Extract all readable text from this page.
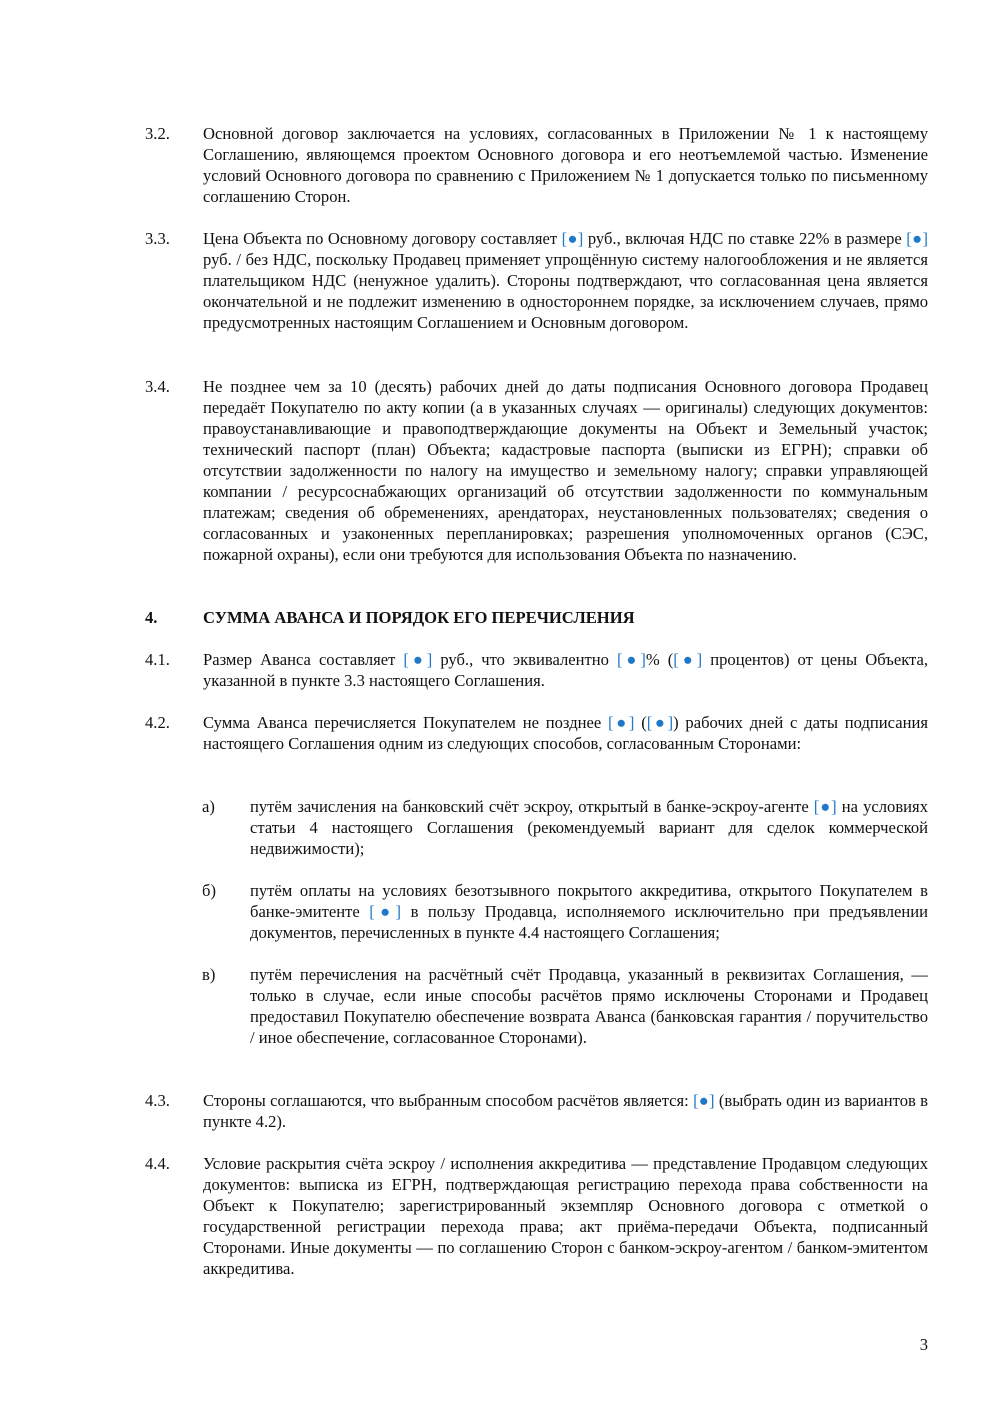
3.2.	Основной договор заключается на условиях, согласованных в Приложении № 1 к настоящему Соглашению, являющемся проектом Основного договора и его неотъемлемой частью. Изменение условий Основного договора по сравнению с Приложением № 1 допускается только по письменному соглашению Сторон.
3.3.	Цена Объекта по Основному договору составляет [●] руб., включая НДС по ставке 22% в размере [●] руб. / без НДС, поскольку Продавец применяет упрощённую систему налогообложения и не является плательщиком НДС (ненужное удалить). Стороны подтверждают, что согласованная цена является окончательной и не подлежит изменению в одностороннем порядке, за исключением случаев, прямо предусмотренных настоящим Соглашением и Основным договором.
3.4.	Не позднее чем за 10 (десять) рабочих дней до даты подписания Основного договора Продавец передаёт Покупателю по акту копии (а в указанных случаях — оригиналы) следующих документов: правоустанавливающие и правоподтверждающие документы на Объект и Земельный участок; технический паспорт (план) Объекта; кадастровые паспорта (выписки из ЕГРН); справки об отсутствии задолженности по налогу на имущество и земельному налогу; справки управляющей компании / ресурсоснабжающих организаций об отсутствии задолженности по коммунальным платежам; сведения об обременениях, арендаторах, неустановленных пользователях; сведения о согласованных и узаконенных перепланировках; разрешения уполномоченных органов (СЭС, пожарной охраны), если они требуются для использования Объекта по назначению.
4.	СУММА АВАНСА И ПОРЯДОК ЕГО ПЕРЕЧИСЛЕНИЯ
4.1.	Размер Аванса составляет [●] руб., что эквивалентно [●]% ([●] процентов) от цены Объекта, указанной в пункте 3.3 настоящего Соглашения.
4.2.	Сумма Аванса перечисляется Покупателем не позднее [●] ([●]) рабочих дней с даты подписания настоящего Соглашения одним из следующих способов, согласованным Сторонами:
а)	путём зачисления на банковский счёт эскроу, открытый в банке-эскроу-агенте [●] на условиях статьи 4 настоящего Соглашения (рекомендуемый вариант для сделок коммерческой недвижимости);
б)	путём оплаты на условиях безотзывного покрытого аккредитива, открытого Покупателем в банке-эмитенте [●] в пользу Продавца, исполняемого исключительно при предъявлении документов, перечисленных в пункте 4.4 настоящего Соглашения;
в)	путём перечисления на расчётный счёт Продавца, указанный в реквизитах Соглашения, — только в случае, если иные способы расчётов прямо исключены Сторонами и Продавец предоставил Покупателю обеспечение возврата Аванса (банковская гарантия / поручительство / иное обеспечение, согласованное Сторонами).
4.3.	Стороны соглашаются, что выбранным способом расчётов является: [●] (выбрать один из вариантов в пункте 4.2).
4.4.	Условие раскрытия счёта эскроу / исполнения аккредитива — представление Продавцом следующих документов: выписка из ЕГРН, подтверждающая регистрацию перехода права собственности на Объект к Покупателю; зарегистрированный экземпляр Основного договора с отметкой о государственной регистрации перехода права; акт приёма-передачи Объекта, подписанный Сторонами. Иные документы — по соглашению Сторон с банком-эскроу-агентом / банком-эмитентом аккредитива.
3
